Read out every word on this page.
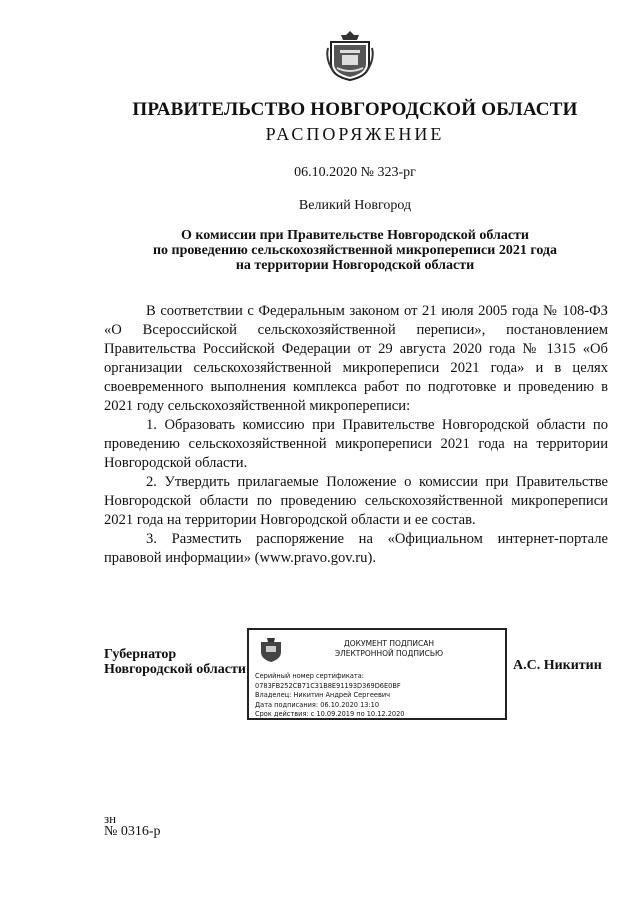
ПРАВИТЕЛЬСТВО НОВГОРОДСКОЙ ОБЛАСТИ
РАСПОРЯЖЕНИЕ
06.10.2020 № 323-рг
Великий Новгород
О комиссии при Правительстве Новгородской области
по проведению сельскохозяйственной микропереписи 2021 года
на территории Новгородской области

В соответствии с Федеральным законом от 21 июля 2005 года № 108-ФЗ «О Всероссийской сельскохозяйственной переписи», постановлением Правительства Российской Федерации от 29 августа 2020 года № 1315 «Об организации сельскохозяйственной микропереписи 2021 года» и в целях своевременного выполнения комплекса работ по подготовке и проведению в 2021 году сельскохозяйственной микропереписи:

1. Образовать комиссию при Правительстве Новгородской области по проведению сельскохозяйственной микропереписи 2021 года на территории Новгородской области.

2. Утвердить прилагаемые Положение о комиссии при Правительстве Новгородской области по проведению сельскохозяйственной микропереписи 2021 года на территории Новгородской области и ее состав.

3. Разместить распоряжение на «Официальном интернет-портале правовой информации» (www.pravo.gov.ru).

Губернатор
Новгородской области
ДОКУМЕНТ ПОДПИСАН
ЭЛЕКТРОННОЙ ПОДПИСЬЮ
Серийный номер сертификата:
0783FB252CB71C31B8E91193D369D6E0BF
Владелец: Никитин Андрей Сергеевич
Дата подписания: 06.10.2020 13:10
Срок действия: с 10.09.2019 по 10.12.2020
А.С. Никитин
зн
№ 0316-р
